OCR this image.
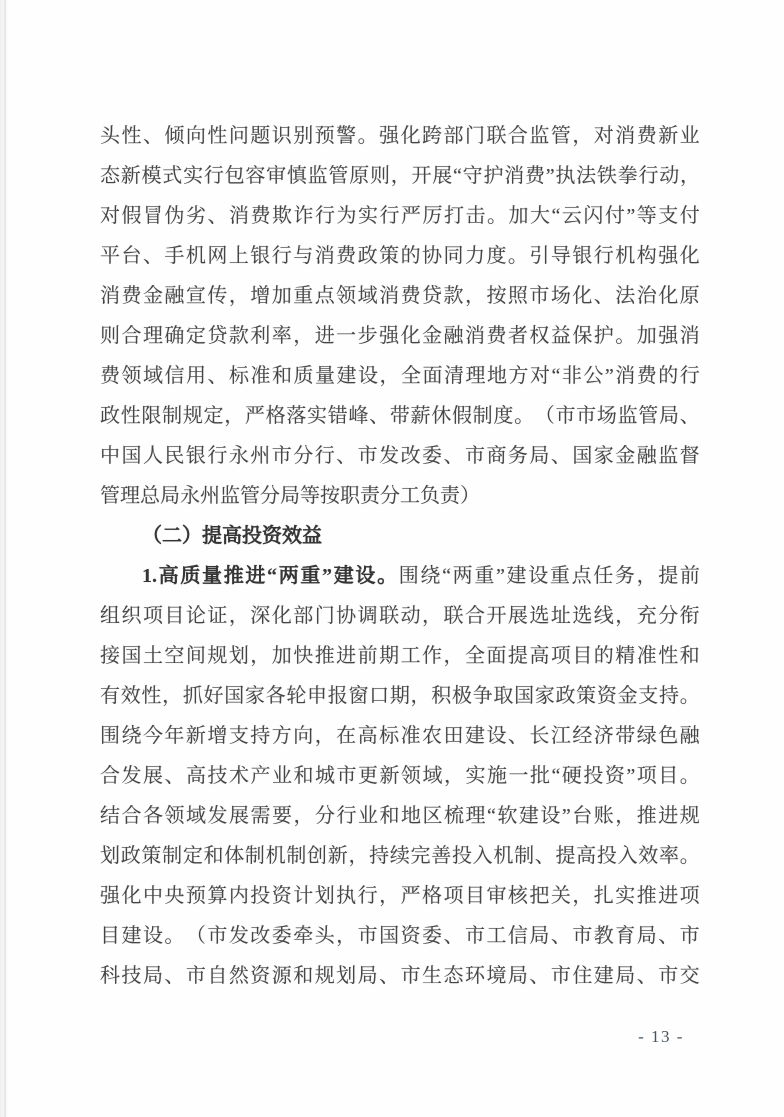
头 性 、 倾 向 性 问 题 识 别 预 警 。 强 化 跨 部 门 联 合 监 管 ， 对 消 费 新 业
态 新 模 式 实 行 包 容 审 慎 监 管 原 则 ， 开 展 “ 守 护 消 费 ” 执 法 铁 拳 行 动 ，
对 假 冒 伪 劣 、 消 费 欺 诈 行 为 实 行 严 厉 打 击 。 加 大 “ 云 闪 付 ” 等 支 付
平 台 、 手 机 网 上 银 行 与 消 费 政 策 的 协 同 力 度 。 引 导 银 行 机 构 强 化
消 费 金 融 宣 传 ， 增 加 重 点 领 域 消 费 贷 款 ， 按 照 市 场 化 、 法 治 化 原
则 合 理 确 定 贷 款 利 率 ， 进 一 步 强 化 金 融 消 费 者 权 益 保 护 。 加 强 消
费 领 域 信 用 、 标 准 和 质 量 建 设 ， 全 面 清 理 地 方 对 “ 非 公 ” 消 费 的 行
政 性 限 制 规 定 ， 严 格 落 实 错 峰 、 带 薪 休 假 制 度 。 （ 市 市 场 监 管 局 、
中 国 人 民 银 行 永 州 市 分 行 、 市 发 改 委 、 市 商 务 局 、 国 家 金 融 监 督
管理总局永州监管分局等按职责分工负责）
（二）提高投资效益
1. 高 质 量 推 进 “ 两 重 ” 建 设 。 围 绕 “ 两 重 ” 建 设 重 点 任 务 ， 提 前
组 织 项 目 论 证 ， 深 化 部 门 协 调 联 动 ， 联 合 开 展 选 址 选 线 ， 充 分 衔
接 国 土 空 间 规 划 ， 加 快 推 进 前 期 工 作 ， 全 面 提 高 项 目 的 精 准 性 和
有 效 性 ， 抓 好 国 家 各 轮 申 报 窗 口 期 ， 积 极 争 取 国 家 政 策 资 金 支 持 。
围 绕 今 年 新 增 支 持 方 向 ， 在 高 标 准 农 田 建 设 、 长 江 经 济 带 绿 色 融
合 发 展 、 高 技 术 产 业 和 城 市 更 新 领 域 ， 实 施 一 批 “ 硬 投 资 ” 项 目 。
结 合 各 领 域 发 展 需 要 ， 分 行 业 和 地 区 梳 理 “ 软 建 设 ” 台 账 ， 推 进 规
划 政 策 制 定 和 体 制 机 制 创 新 ， 持 续 完 善 投 入 机 制 、 提 高 投 入 效 率 。
强 化 中 央 预 算 内 投 资 计 划 执 行 ， 严 格 项 目 审 核 把 关 ， 扎 实 推 进 项
目 建 设 。 （ 市 发 改 委 牵 头 ， 市 国 资 委 、 市 工 信 局 、 市 教 育 局 、 市
科 技 局 、 市 自 然 资 源 和 规 划 局 、 市 生 态 环 境 局 、 市 住 建 局 、 市 交
- 13 -
